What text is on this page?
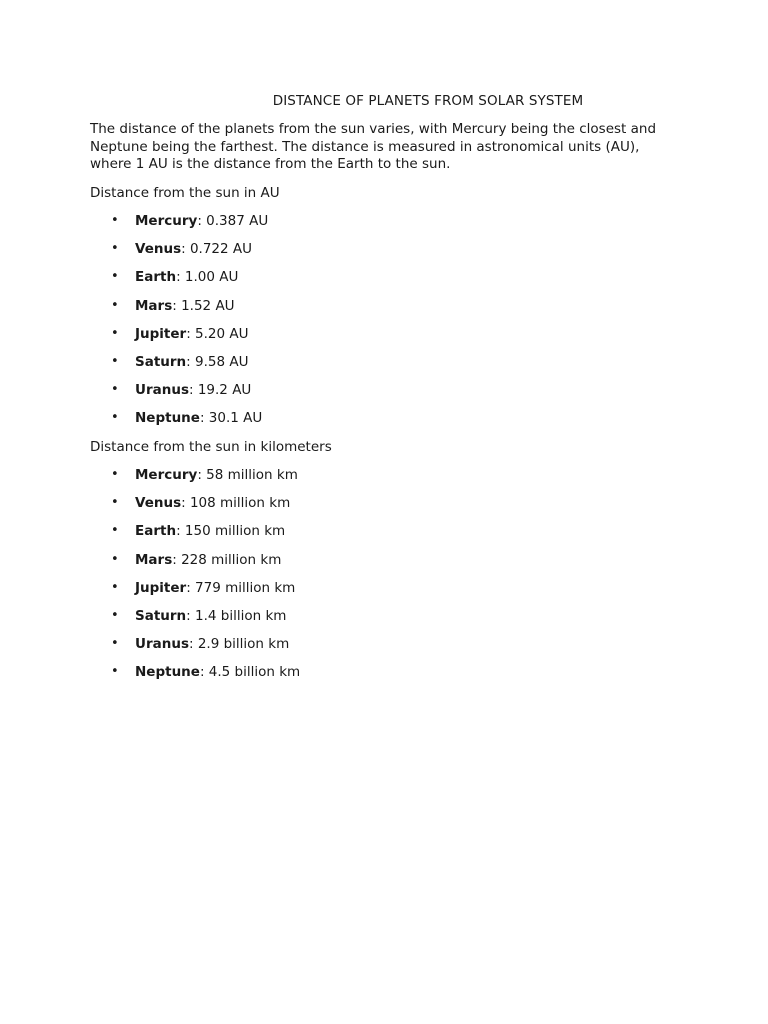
DISTANCE OF PLANETS FROM SOLAR SYSTEM

The distance of the planets from the sun varies, with Mercury being the closest and Neptune being the farthest. The distance is measured in astronomical units (AU), where 1 AU is the distance from the Earth to the sun.

Distance from the sun in AU

• Mercury: 0.387 AU
• Venus: 0.722 AU
• Earth: 1.00 AU
• Mars: 1.52 AU
• Jupiter: 5.20 AU
• Saturn: 9.58 AU
• Uranus: 19.2 AU
• Neptune: 30.1 AU

Distance from the sun in kilometers

• Mercury: 58 million km
• Venus: 108 million km
• Earth: 150 million km
• Mars: 228 million km
• Jupiter: 779 million km
• Saturn: 1.4 billion km
• Uranus: 2.9 billion km
• Neptune: 4.5 billion km
